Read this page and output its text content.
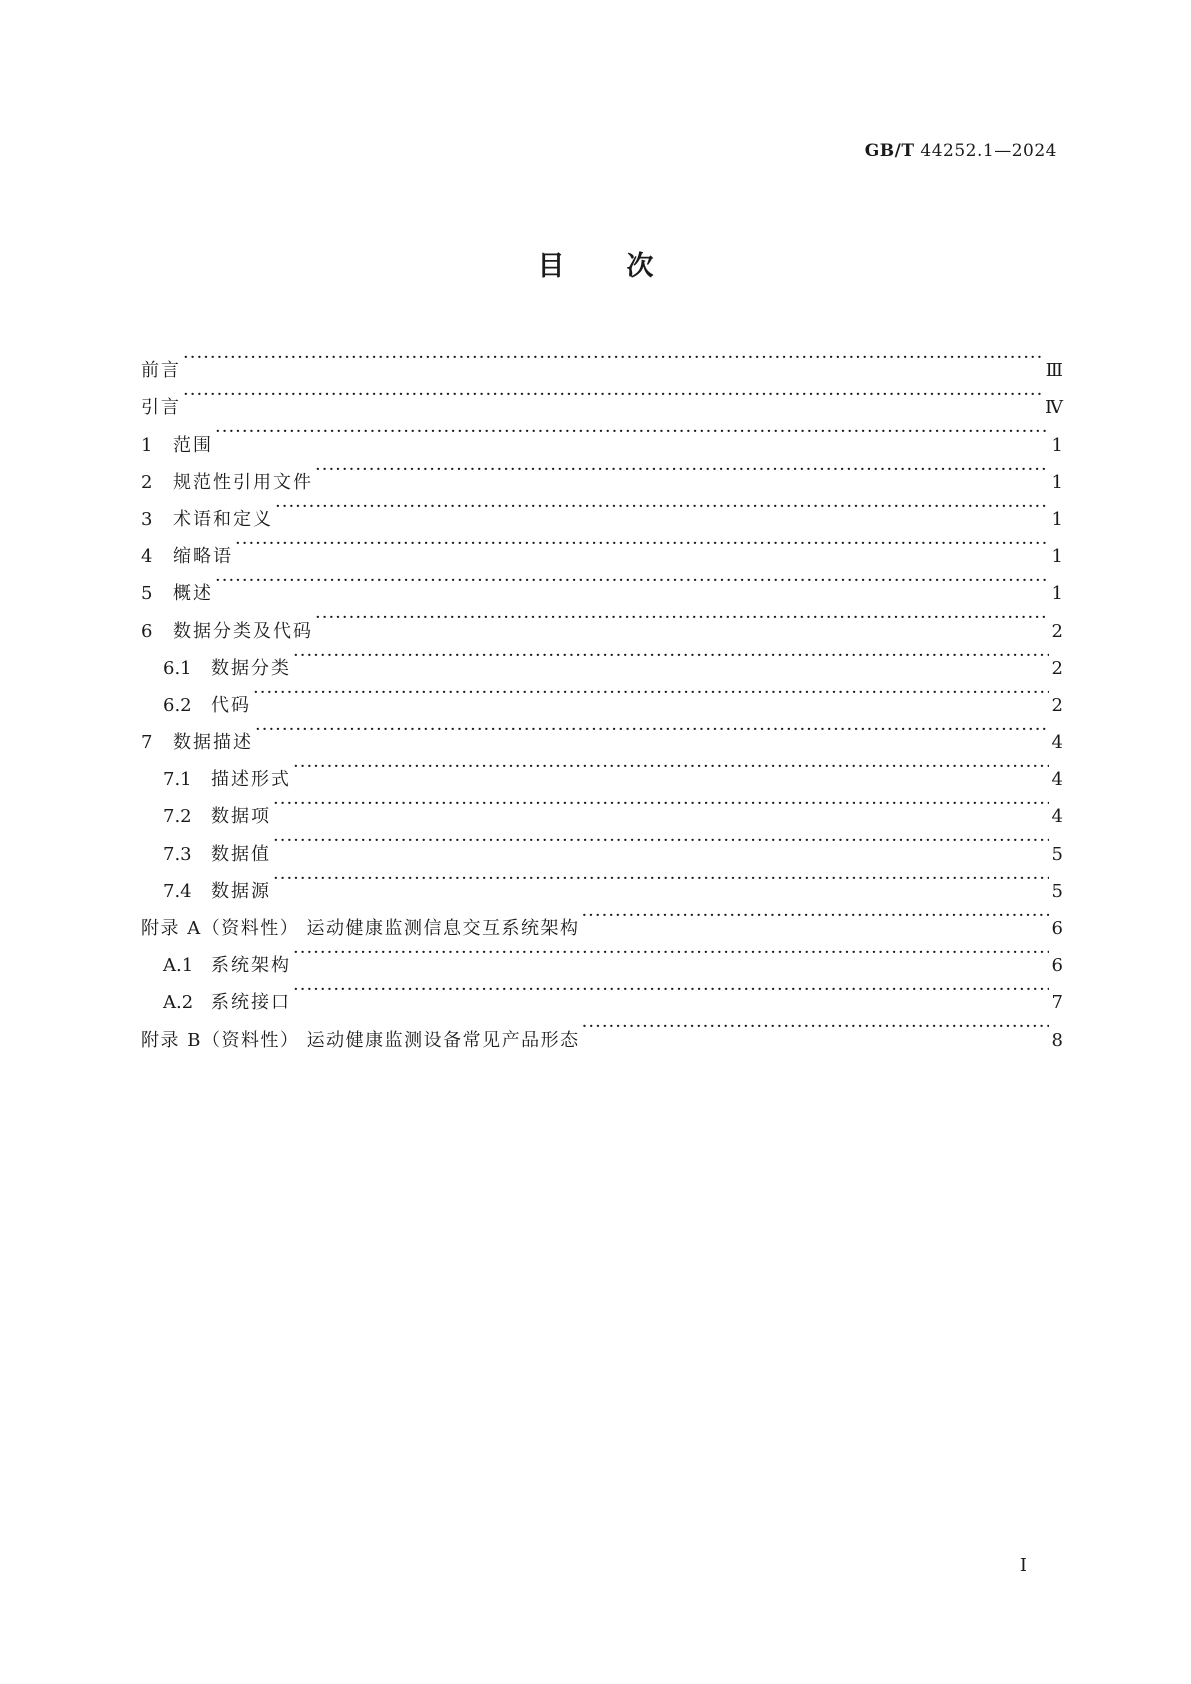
GB/T 44252.1—2024
目次
前言 ·····	Ⅲ
引言 ·····	Ⅳ
1	范围 ·····	1
2	规范性引用文件 ·····	1
3	术语和定义 ·····	1
4	缩略语 ·····	1
5	概述 ·····	1
6	数据分类及代码 ·····	2
6.1	数据分类 ·····	2
6.2	代码 ·····	2
7	数据描述 ·····	4
7.1	描述形式 ·····	4
7.2	数据项 ·····	4
7.3	数据值 ·····	5
7.4	数据源 ·····	5
附录 A（资料性） 运动健康监测信息交互系统架构 ·····	6
A.1 系统架构 ·····	6
A.2 系统接口 ·····	7
附录 B（资料性） 运动健康监测设备常见产品形态 ·····	8
Ⅰ
